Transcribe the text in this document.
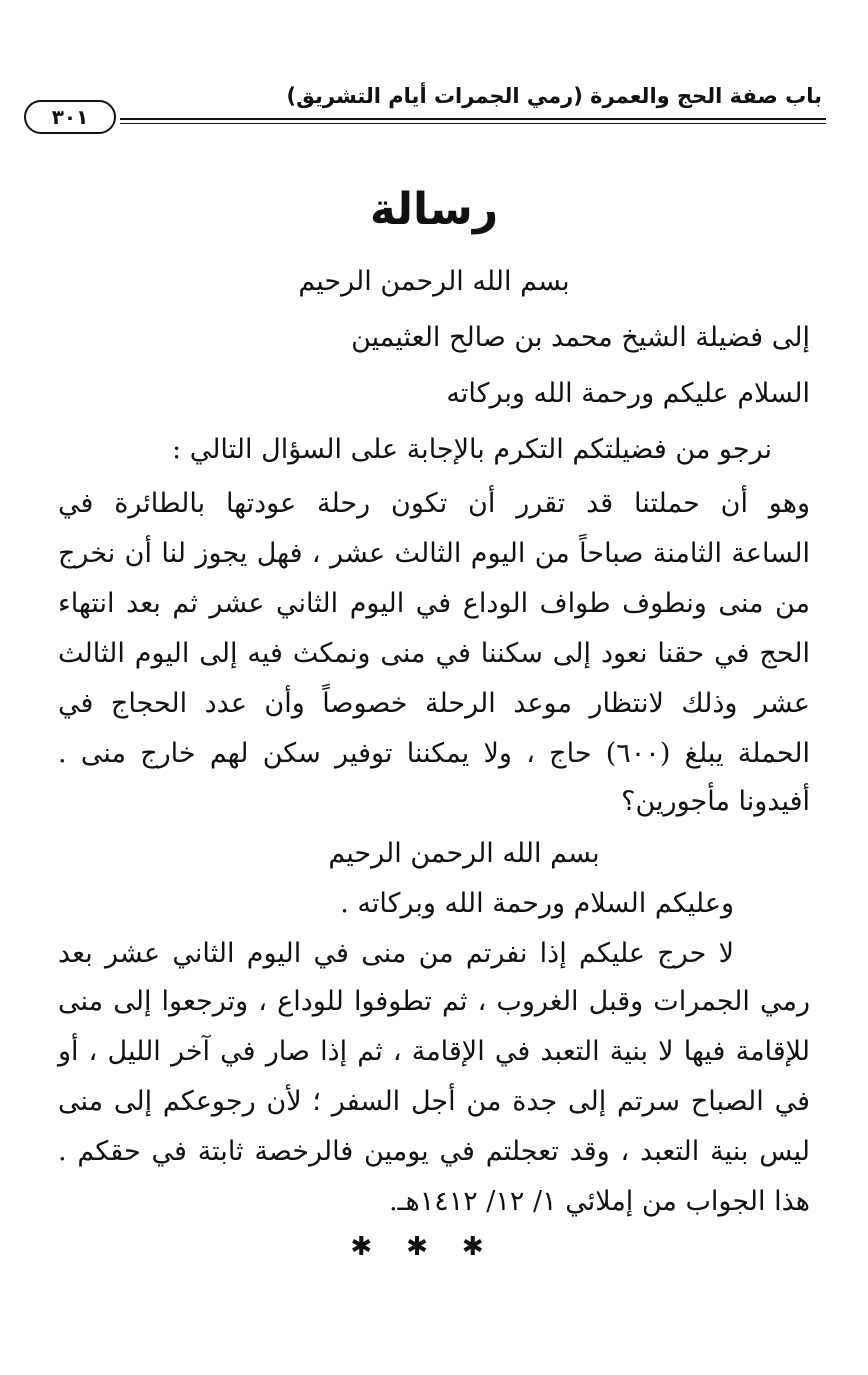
باب صفة الحج والعمرة (رمي الجمرات أيام التشريق)
٣٠١
رسالة
بسم الله الرحمن الرحيم
إلى فضيلة الشيخ محمد بن صالح العثيمين
السلام عليكم ورحمة الله وبركاته
نرجو من فضيلتكم التكرم بالإجابة على السؤال التالي :
وهو أن حملتنا قد تقرر أن تكون رحلة عودتها بالطائرة في
الساعة الثامنة صباحاً من اليوم الثالث عشر ، فهل يجوز لنا أن نخرج
من منى ونطوف طواف الوداع في اليوم الثاني عشر ثم بعد انتهاء
الحج في حقنا نعود إلى سكننا في منى ونمكث فيه إلى اليوم الثالث
عشر وذلك لانتظار موعد الرحلة خصوصاً وأن عدد الحجاج في
الحملة يبلغ (٦٠٠) حاج ، ولا يمكننا توفير سكن لهم خارج منى .
أفيدونا مأجورين؟
بسم الله الرحمن الرحيم
وعليكم السلام ورحمة الله وبركاته .
لا حرج عليكم إذا نفرتم من منى في اليوم الثاني عشر بعد
رمي الجمرات وقبل الغروب ، ثم تطوفوا للوداع ، وترجعوا إلى منى
للإقامة فيها لا بنية التعبد في الإقامة ، ثم إذا صار في آخر الليل ، أو
في الصباح سرتم إلى جدة من أجل السفر ؛ لأن رجوعكم إلى منى
ليس بنية التعبد ، وقد تعجلتم في يومين فالرخصة ثابتة في حقكم .
هذا الجواب من إملائي ١/ ١٢/ ١٤١٢هـ.
✱✱✱
